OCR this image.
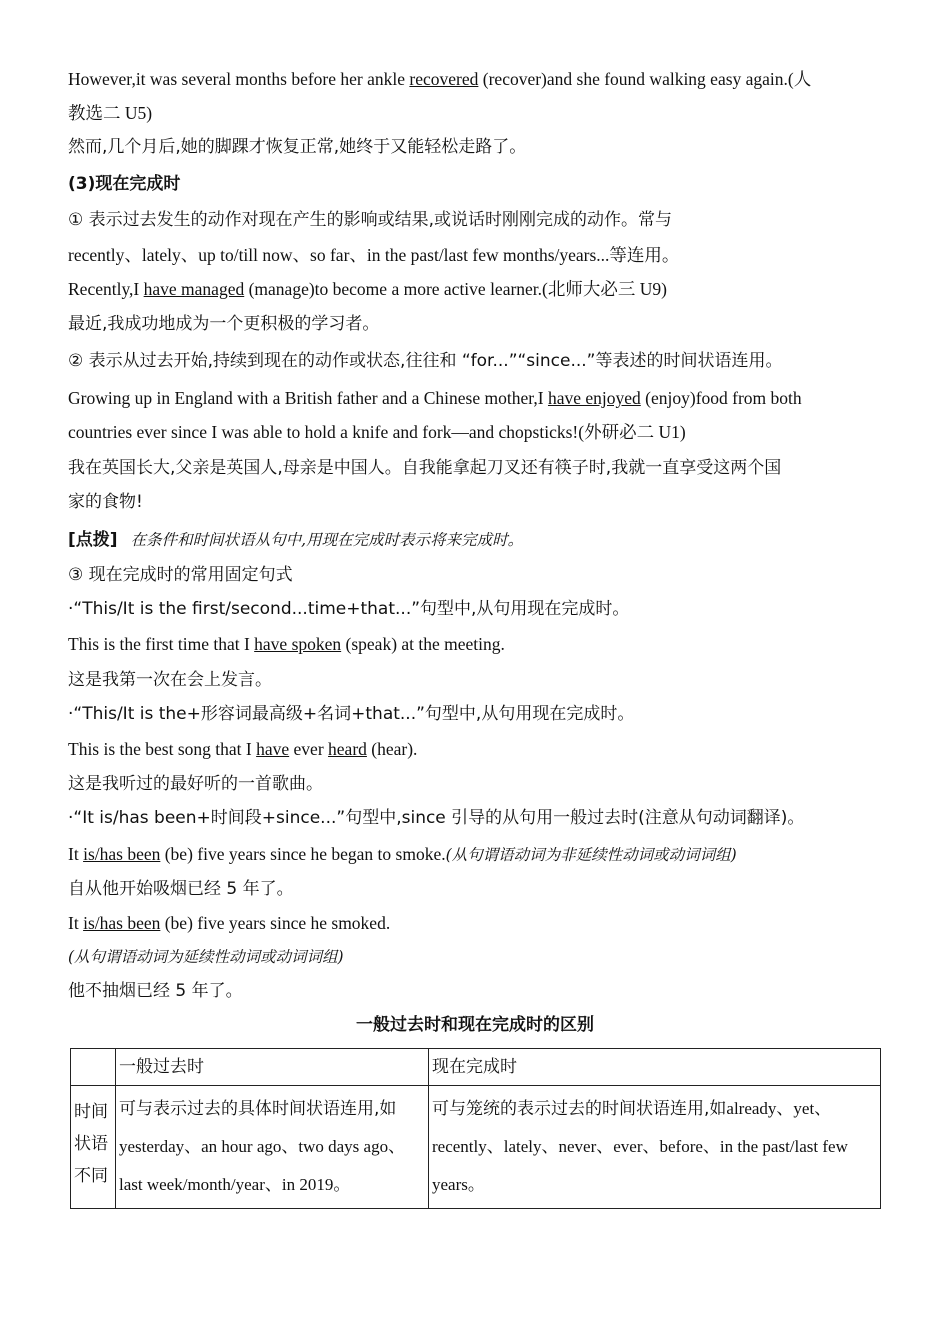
However,it was several months before her ankle recovered (recover)and she found walking easy again.(人
教选二 U5)
然而,几个月后,她的脚踝才恢复正常,她终于又能轻松走路了。
(3)现在完成时
① 表示过去发生的动作对现在产生的影响或结果,或说话时刚刚完成的动作。常与
recently、lately、up to/till now、so far、in the past/last few months/years...等连用。
Recently,I have managed (manage)to become a more active learner.(北师大必三 U9)
最近,我成功地成为一个更积极的学习者。
② 表示从过去开始,持续到现在的动作或状态,往往和 “for...”“since...”等表述的时间状语连用。
Growing up in England with a British father and a Chinese mother,I have enjoyed (enjoy)food from both
countries ever since I was able to hold a knife and fork—and chopsticks!(外研必二 U1)
我在英国长大,父亲是英国人,母亲是中国人。自我能拿起刀叉还有筷子时,我就一直享受这两个国
家的食物!
[点拨] 在条件和时间状语从句中,用现在完成时表示将来完成时。
③ 现在完成时的常用固定句式
·“This/It is the first/second...time+that...”句型中,从句用现在完成时。
This is the first time that I have spoken (speak) at the meeting.
这是我第一次在会上发言。
·“This/It is the+形容词最高级+名词+that...”句型中,从句用现在完成时。
This is the best song that I have ever heard (hear).
这是我听过的最好听的一首歌曲。
·“It is/has been+时间段+since...”句型中,since 引导的从句用一般过去时(注意从句动词翻译)。
It is/has been (be) five years since he began to smoke.(从句谓语动词为非延续性动词或动词词组)
自从他开始吸烟已经 5 年了。
It is/has been (be) five years since he smoked.
(从句谓语动词为延续性动词或动词词组)
他不抽烟已经 5 年了。
一般过去时和现在完成时的区别
	一般过去时	现在完成时
时间状语不同	可与表示过去的具体时间状语连用,如 yesterday、an hour ago、two days ago、last week/month/year、in 2019。	可与笼统的表示过去的时间状语连用,如already、yet、recently、lately、never、ever、before、in the past/last few years。
